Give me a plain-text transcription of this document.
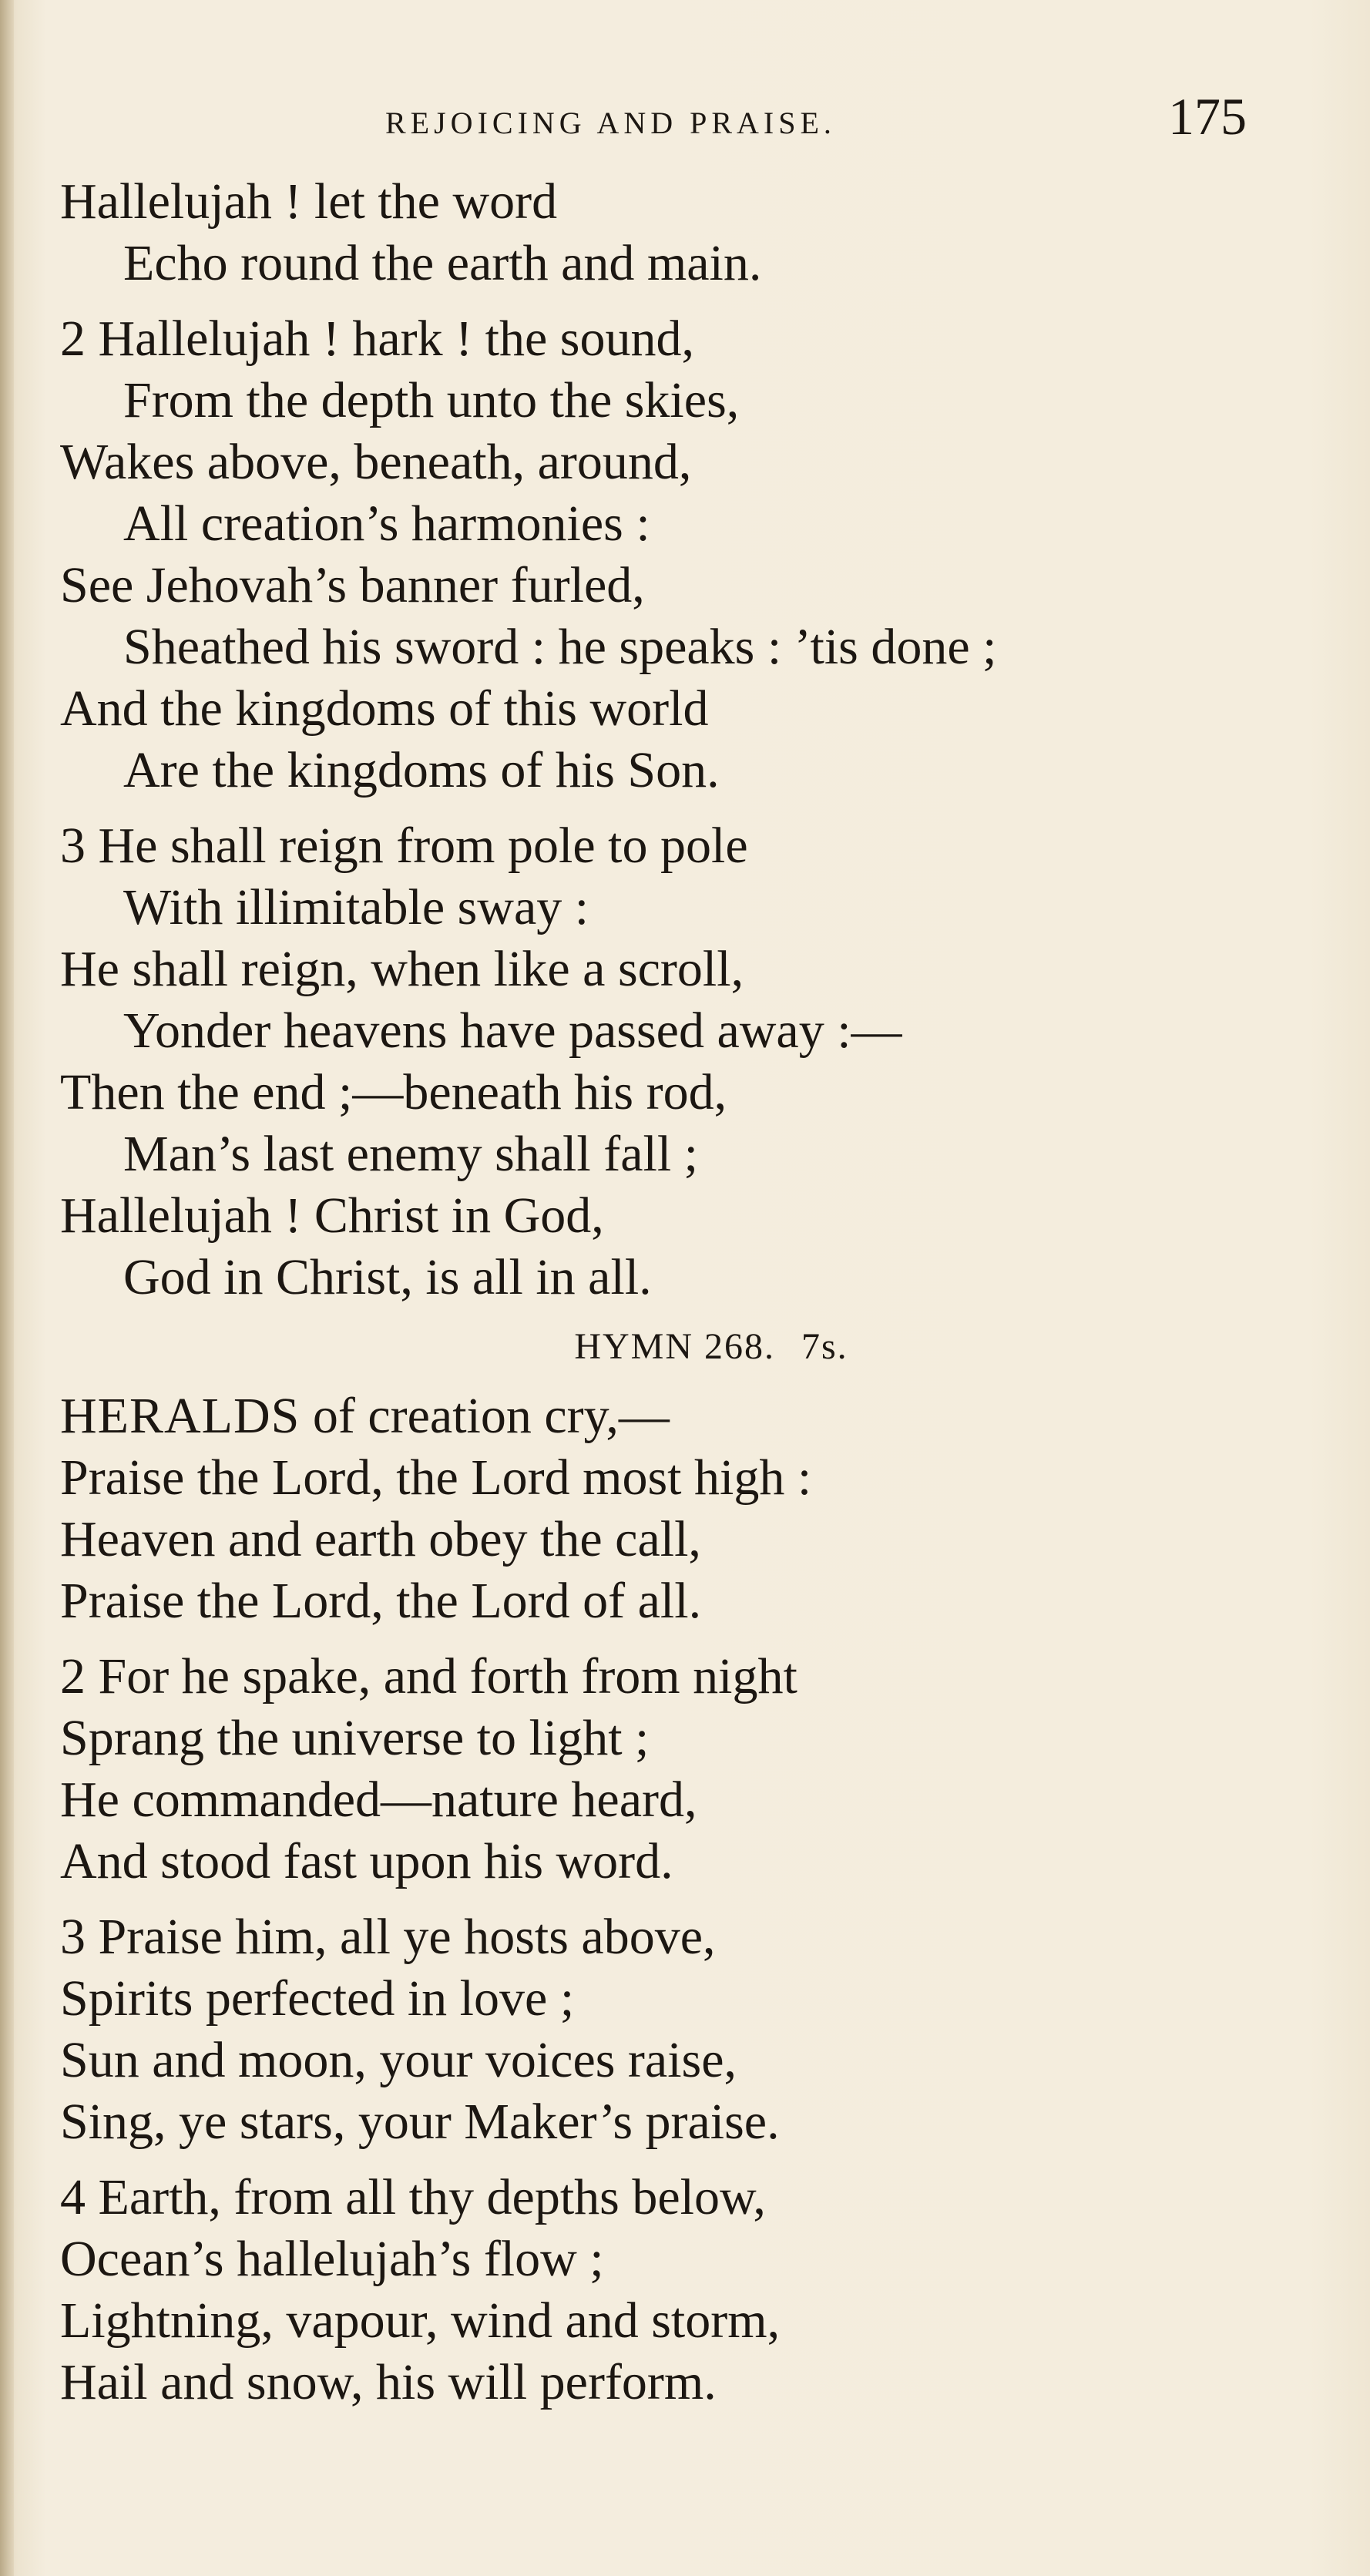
REJOICING AND PRAISE.	175
Hallelujah ! let the word
Echo round the earth and main.
2 Hallelujah ! hark ! the sound,
From the depth unto the skies,
Wakes above, beneath, around,
All creation’s harmonies :
See Jehovah’s banner furled,
Sheathed his sword : he speaks : ’tis done ;
And the kingdoms of this world
Are the kingdoms of his Son.
3 He shall reign from pole to pole
With illimitable sway :
He shall reign, when like a scroll,
Yonder heavens have passed away :—
Then the end ;—beneath his rod,
Man’s last enemy shall fall ;
Hallelujah ! Christ in God,
God in Christ, is all in all.
HYMN 268. 7s.
HERALDS of creation cry,—
Praise the Lord, the Lord most high :
Heaven and earth obey the call,
Praise the Lord, the Lord of all.
2 For he spake, and forth from night
Sprang the universe to light ;
He commanded—nature heard,
And stood fast upon his word.
3 Praise him, all ye hosts above,
Spirits perfected in love ;
Sun and moon, your voices raise,
Sing, ye stars, your Maker’s praise.
4 Earth, from all thy depths below,
Ocean’s hallelujah’s flow ;
Lightning, vapour, wind and storm,
Hail and snow, his will perform.
